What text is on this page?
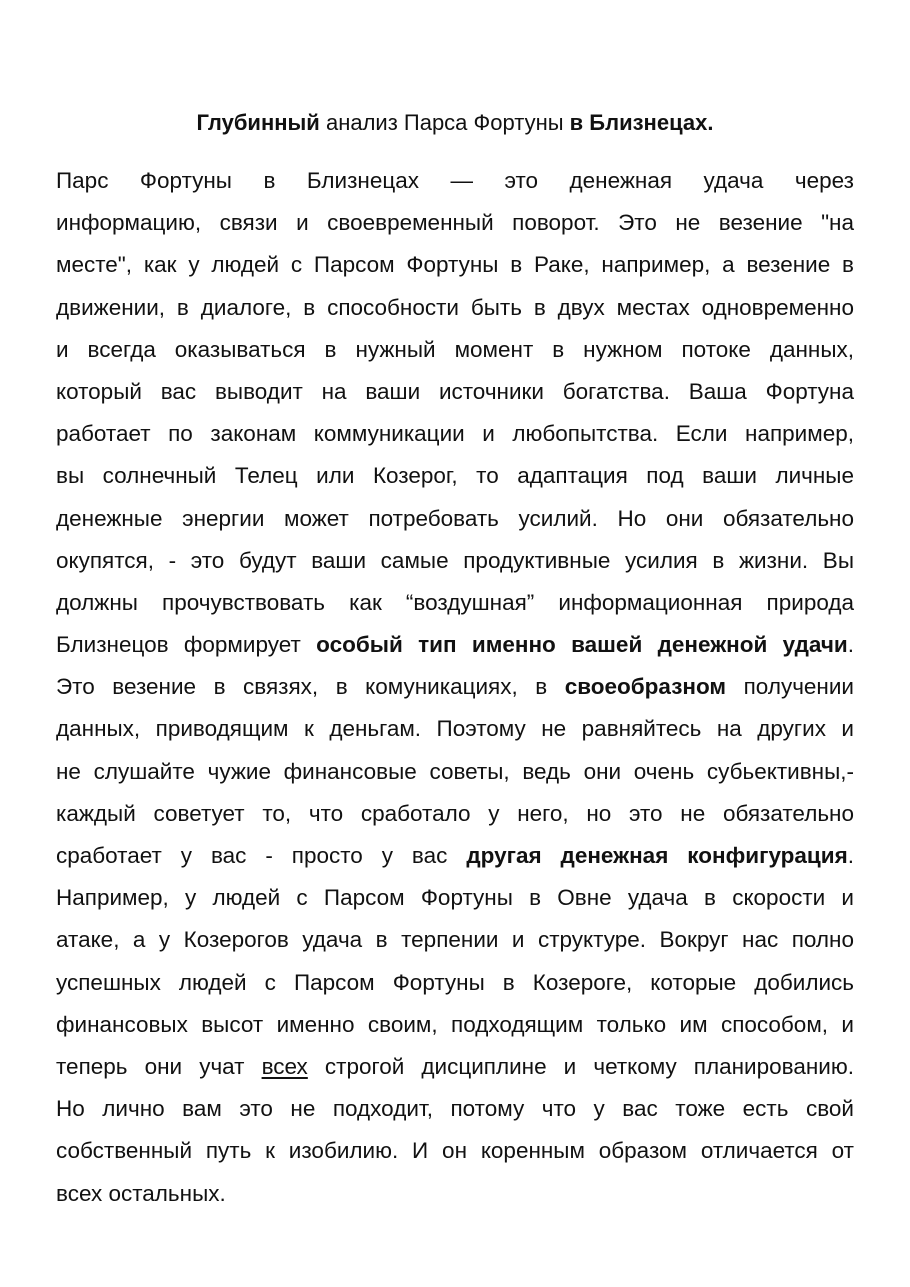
Глубинный анализ Парса Фортуны в Близнецах.
Парс Фортуны в Близнецах — это денежная удача через
информацию, связи и своевременный поворот. Это не везение "на
месте", как у людей с Парсом Фортуны в Раке, например, а везение в
движении, в диалоге, в способности быть в двух местах одновременно
и всегда оказываться в нужный момент в нужном потоке данных,
который вас выводит на ваши источники богатства. Ваша Фортуна
работает по законам коммуникации и любопытства. Если например,
вы солнечный Телец или Козерог, то адаптация под ваши личные
денежные энергии может потребовать усилий. Но они обязательно
окупятся, - это будут ваши самые продуктивные усилия в жизни. Вы
должны прочувствовать как “воздушная” информационная природа
Близнецов формирует особый тип именно вашей денежной удачи.
Это везение в связях, в комуникациях, в своеобразном получении
данных, приводящим к деньгам. Поэтому не равняйтесь на других и
не слушайте чужие финансовые советы, ведь они очень субьективны,-
каждый советует то, что сработало у него, но это не обязательно
сработает у вас - просто у вас другая денежная конфигурация.
Например, у людей с Парсом Фортуны в Овне удача в скорости и
атаке, а у Козерогов удача в терпении и структуре. Вокруг нас полно
успешных людей с Парсом Фортуны в Козероге, которые добились
финансовых высот именно своим, подходящим только им способом, и
теперь они учат всех строгой дисциплине и четкому планированию.
Но лично вам это не подходит, потому что у вас тоже есть свой
собственный путь к изобилию. И он коренным образом отличается от
всех остальных.
